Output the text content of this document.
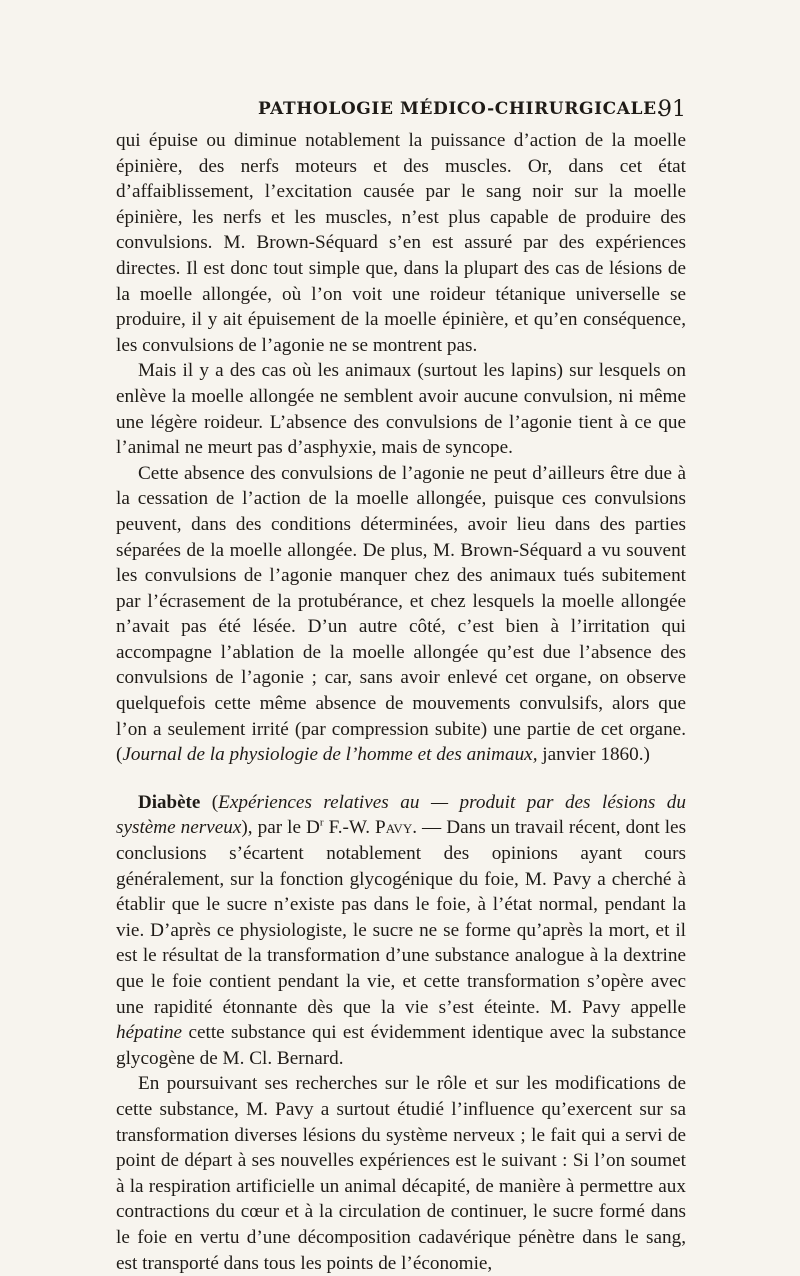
PATHOLOGIE MÉDICO-CHIRURGICALE.
91

qui épuise ou diminue notablement la puissance d’action de la moelle épinière, des nerfs moteurs et des muscles. Or, dans cet état d’affaiblissement, l’excitation causée par le sang noir sur la moelle épinière, les nerfs et les muscles, n’est plus capable de produire des convulsions. M. Brown-Séquard s’en est assuré par des expériences directes. Il est donc tout simple que, dans la plupart des cas de lésions de la moelle allongée, où l’on voit une roideur tétanique universelle se produire, il y ait épuisement de la moelle épinière, et qu’en conséquence, les convulsions de l’agonie ne se montrent pas.

Mais il y a des cas où les animaux (surtout les lapins) sur lesquels on enlève la moelle allongée ne semblent avoir aucune convulsion, ni même une légère roideur. L’absence des convulsions de l’agonie tient à ce que l’animal ne meurt pas d’asphyxie, mais de syncope.

Cette absence des convulsions de l’agonie ne peut d’ailleurs être due à la cessation de l’action de la moelle allongée, puisque ces convulsions peuvent, dans des conditions déterminées, avoir lieu dans des parties séparées de la moelle allongée. De plus, M. Brown-Séquard a vu souvent les convulsions de l’agonie manquer chez des animaux tués subitement par l’écrasement de la protubérance, et chez lesquels la moelle allongée n’avait pas été lésée. D’un autre côté, c’est bien à l’irritation qui accompagne l’ablation de la moelle allongée qu’est due l’absence des convulsions de l’agonie ; car, sans avoir enlevé cet organe, on observe quelquefois cette même absence de mouvements convulsifs, alors que l’on a seulement irrité (par compression subite) une partie de cet organe. (Journal de la physiologie de l’homme et des animaux, janvier 1860.)

Diabète (Expériences relatives au — produit par des lésions du système nerveux), par le $D^r$ F.-W. Pavy. — Dans un travail récent, dont les conclusions s’écartent notablement des opinions ayant cours généralement, sur la fonction glycogénique du foie, M. Pavy a cherché à établir que le sucre n’existe pas dans le foie, à l’état normal, pendant la vie. D’après ce physiologiste, le sucre ne se forme qu’après la mort, et il est le résultat de la transformation d’une substance analogue à la dextrine que le foie contient pendant la vie, et cette transformation s’opère avec une rapidité étonnante dès que la vie s’est éteinte. M. Pavy appelle hépatine cette substance qui est évidemment identique avec la substance glycogène de M. Cl. Bernard.

En poursuivant ses recherches sur le rôle et sur les modifications de cette substance, M. Pavy a surtout étudié l’influence qu’exercent sur sa transformation diverses lésions du système nerveux ; le fait qui a servi de point de départ à ses nouvelles expériences est le suivant : Si l’on soumet à la respiration artificielle un animal décapité, de manière à permettre aux contractions du cœur et à la circulation de continuer, le sucre formé dans le foie en vertu d’une décomposition cadavérique pénètre dans le sang, est transporté dans tous les points de l’économie,
